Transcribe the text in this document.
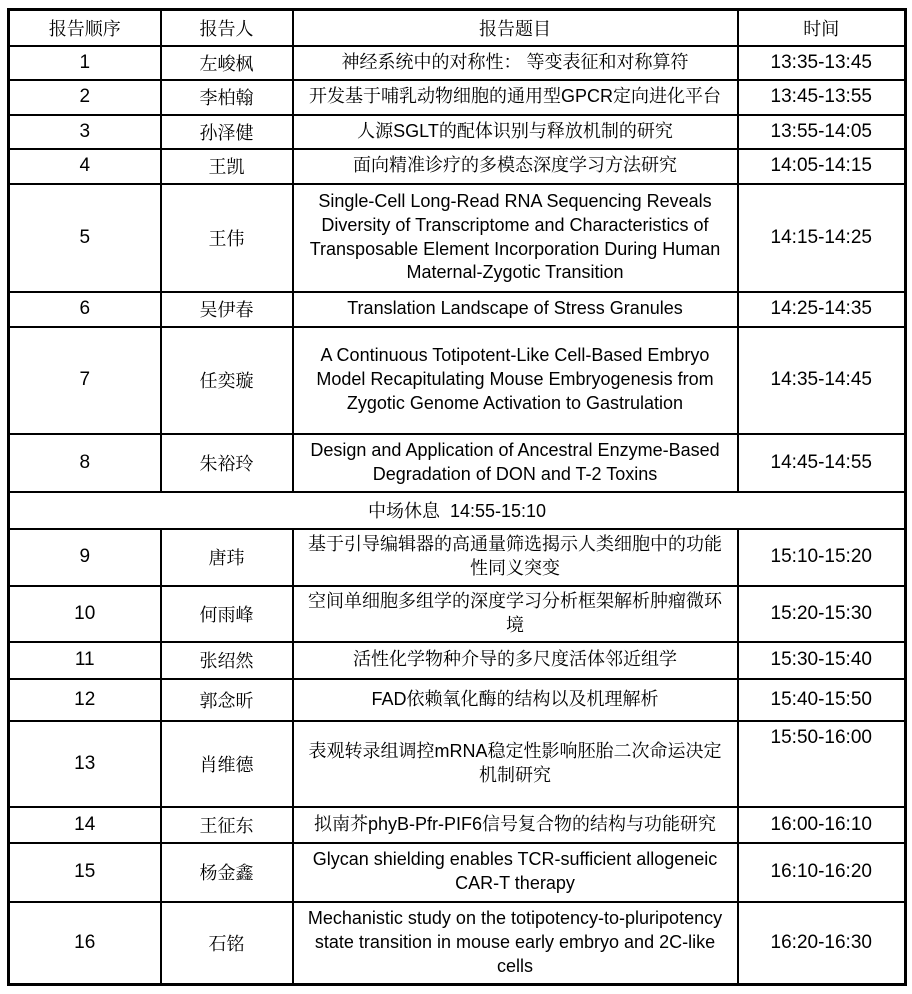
报告顺序	报告人	报告题目	时间
1	左峻枫	神经系统中的对称性： 等变表征和对称算符	13:35-13:45
2	李柏翰	开发基于哺乳动物细胞的通用型GPCR定向进化平台	13:45-13:55
3	孙泽健	人源SGLT的配体识别与释放机制的研究	13:55-14:05
4	王凯	面向精准诊疗的多模态深度学习方法研究	14:05-14:15
5	王伟	Single-Cell Long-Read RNA Sequencing Reveals Diversity of Transcriptome and Characteristics of Transposable Element Incorporation During Human Maternal-Zygotic Transition	14:15-14:25
6	吴伊春	Translation Landscape of Stress Granules	14:25-14:35
7	任奕璇	A Continuous Totipotent-Like Cell-Based Embryo Model Recapitulating Mouse Embryogenesis from Zygotic Genome Activation to Gastrulation	14:35-14:45
8	朱裕玲	Design and Application of Ancestral Enzyme-Based Degradation of DON and T-2 Toxins	14:45-14:55
中场休息  14:55-15:10			
9	唐玮	基于引导编辑器的高通量筛选揭示人类细胞中的功能性同义突变	15:10-15:20
10	何雨峰	空间单细胞多组学的深度学习分析框架解析肿瘤微环境	15:20-15:30
11	张绍然	活性化学物种介导的多尺度活体邻近组学	15:30-15:40
12	郭念昕	FAD依赖氧化酶的结构以及机理解析	15:40-15:50
13	肖维德	表观转录组调控mRNA稳定性影响胚胎二次命运决定机制研究	15:50-16:00
14	王征东	拟南芥phyB-Pfr-PIF6信号复合物的结构与功能研究	16:00-16:10
15	杨金鑫	Glycan shielding enables TCR-sufficient allogeneic CAR-T therapy	16:10-16:20
16	石铭	Mechanistic study on the totipotency-to-pluripotency state transition in mouse early embryo and 2C-like cells	16:20-16:30
